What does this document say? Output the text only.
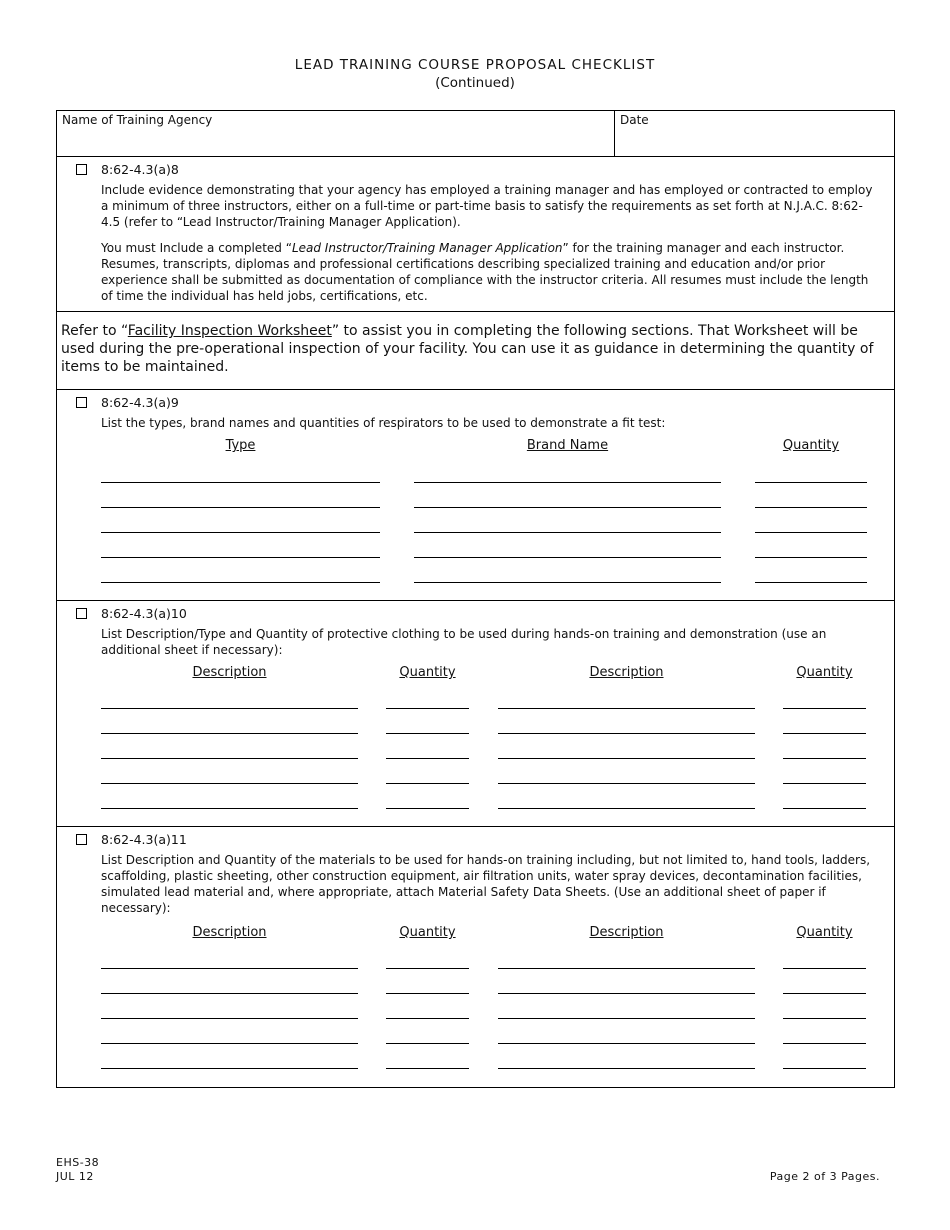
LEAD TRAINING COURSE PROPOSAL CHECKLIST
(Continued)
Name of Training Agency	Date
8:62-4.3(a)8

Include evidence demonstrating that your agency has employed a training manager and has employed or contracted to employ a minimum of three instructors, either on a full-time or part-time basis to satisfy the requirements as set forth at N.J.A.C. 8:62-4.5 (refer to “Lead Instructor/Training Manager Application).

You must Include a completed “Lead Instructor/Training Manager Application” for the training manager and each instructor. Resumes, transcripts, diplomas and professional certifications describing specialized training and education and/or prior experience shall be submitted as documentation of compliance with the instructor criteria. All resumes must include the length of time the individual has held jobs, certifications, etc.

Refer to “Facility Inspection Worksheet” to assist you in completing the following sections. That Worksheet will be used during the pre-operational inspection of your facility. You can use it as guidance in determining the quantity of items to be maintained.
8:62-4.3(a)9

List the types, brand names and quantities of respirators to be used to demonstrate a fit test:

Type	Brand Name	Quantity
8:62-4.3(a)10

List Description/Type and Quantity of protective clothing to be used during hands-on training and demonstration (use an additional sheet if necessary):

Description	Quantity	Description	Quantity
8:62-4.3(a)11

List Description and Quantity of the materials to be used for hands-on training including, but not limited to, hand tools, ladders, scaffolding, plastic sheeting, other construction equipment, air filtration units, water spray devices, decontamination facilities, simulated lead material and, where appropriate, attach Material Safety Data Sheets. (Use an additional sheet of paper if necessary):

Description	Quantity	Description	Quantity
EHS-38
JUL 12	Page 2 of 3 Pages.
